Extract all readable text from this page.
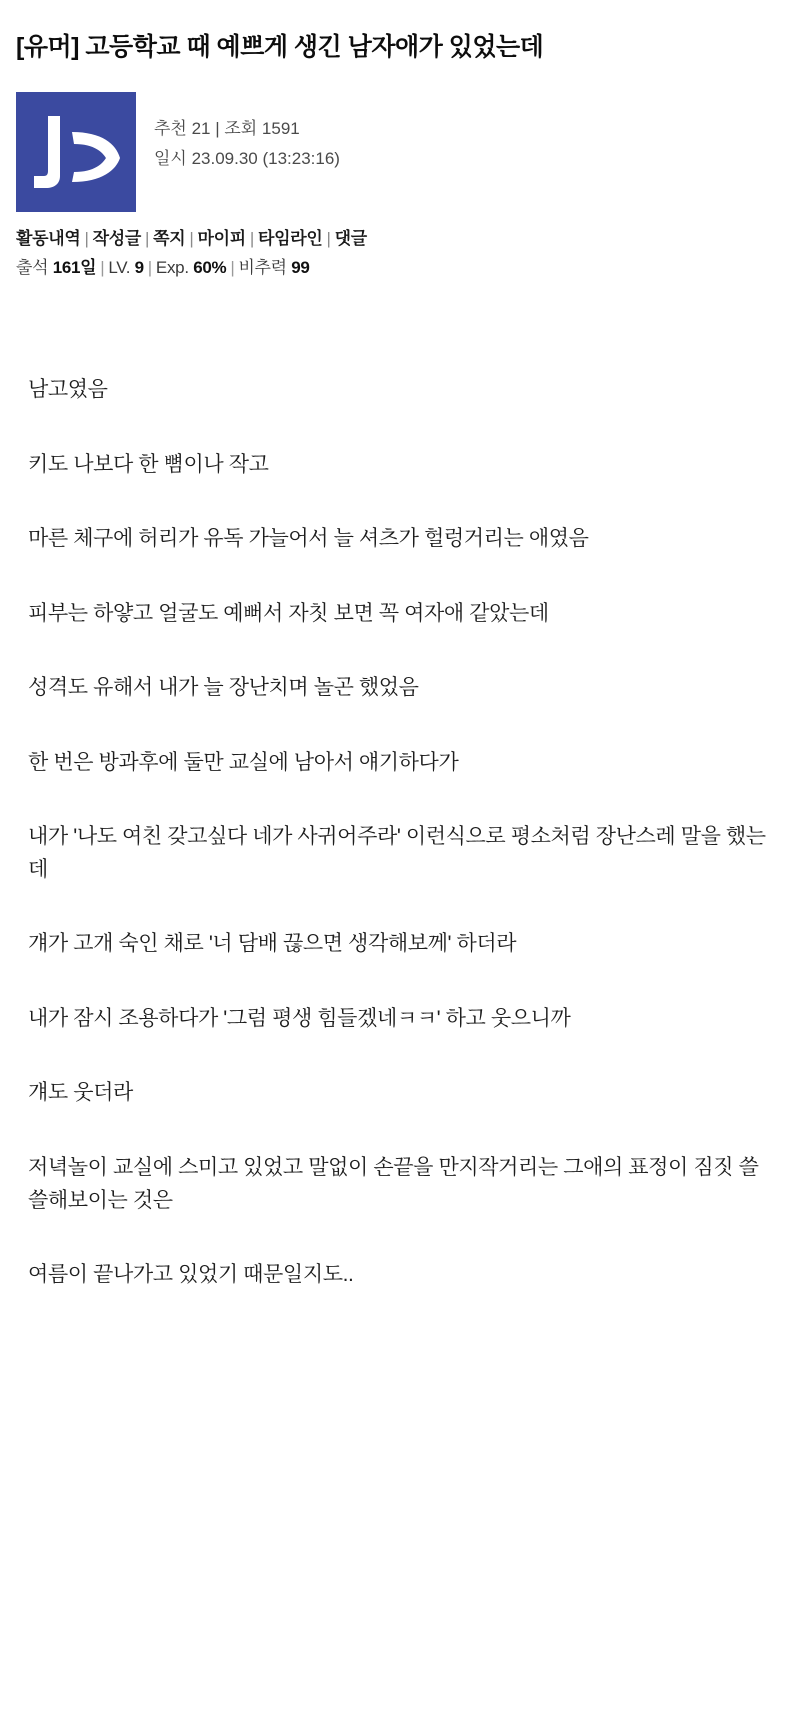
[유머] 고등학교 때 예쁘게 생긴 남자애가 있었는데
추천 21 | 조회 1591
일시 23.09.30 (13:23:16)
활동내역 | 작성글 | 쪽지 | 마이피 | 타임라인 | 댓글
출석 161일 | LV. 9 | Exp. 60% | 비추력 99

남고였음

키도 나보다 한 뼘이나 작고

마른 체구에 허리가 유독 가늘어서 늘 셔츠가 헐렁거리는 애였음

피부는 하얗고 얼굴도 예뻐서 자칫 보면 꼭 여자애 같았는데

성격도 유해서 내가 늘 장난치며 놀곤 했었음

한 번은 방과후에 둘만 교실에 남아서 얘기하다가

내가 '나도 여친 갖고싶다 네가 사귀어주라' 이런식으로 평소처럼 장난스레 말을 했는데

걔가 고개 숙인 채로 '너 담배 끊으면 생각해보께' 하더라

내가 잠시 조용하다가 '그럼 평생 힘들겠네ㅋㅋ' 하고 웃으니까

걔도 웃더라

저녁놀이 교실에 스미고 있었고 말없이 손끝을 만지작거리는 그애의 표정이 짐짓 쓸쓸해보이는 것은

여름이 끝나가고 있었기 때문일지도..
